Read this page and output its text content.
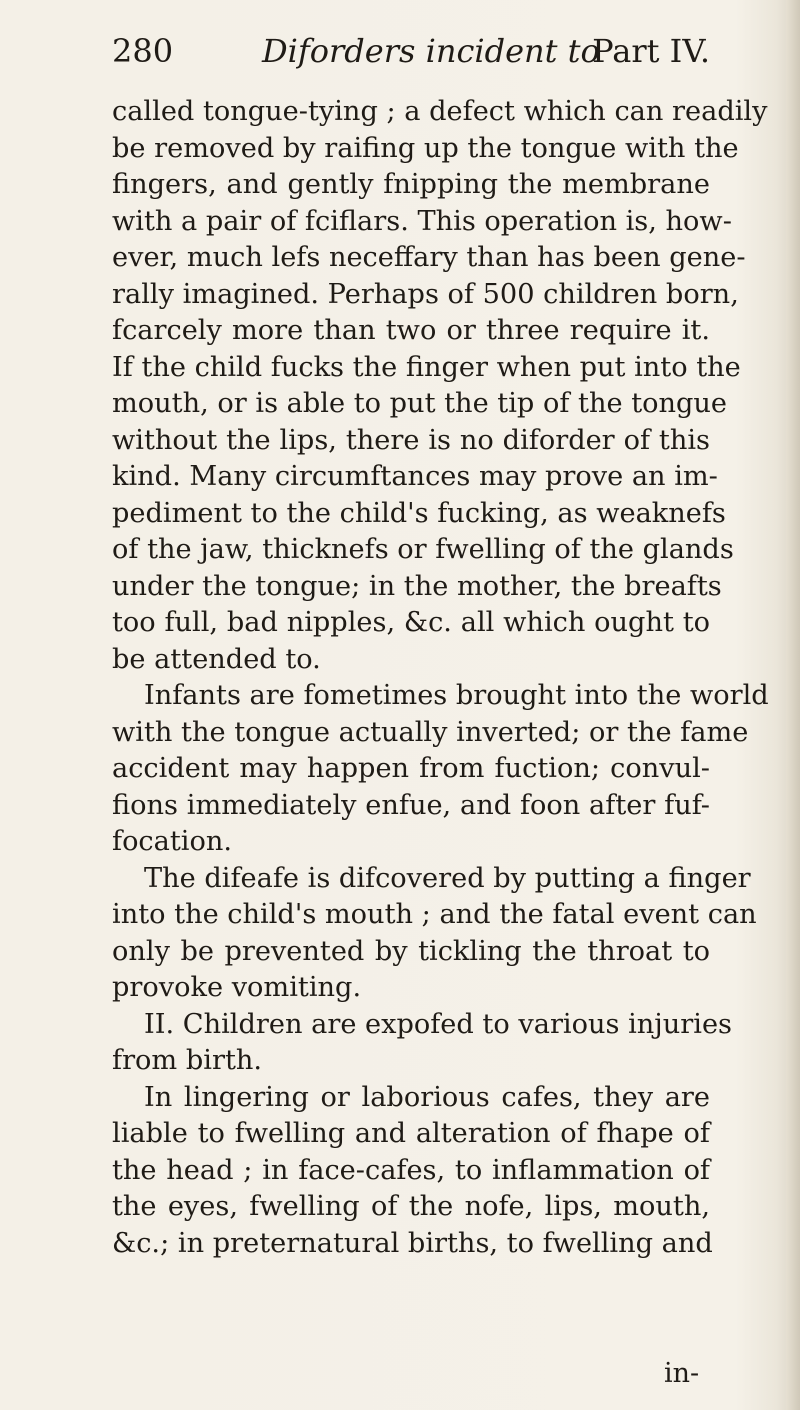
280	Diforders incident to
Part IV.
called tongue-tying ; a defect which can readily
be removed by raifing up the tongue with the
fingers, and gently fnipping the membrane
with a pair of fciflars. This operation is, how-
ever, much lefs neceffary than has been gene-
rally imagined. Perhaps of 500 children born,
fcarcely more than two or three require it.
If the child fucks the finger when put into the
mouth, or is able to put the tip of the tongue
without the lips, there is no diforder of this
kind. Many circumftances may prove an im-
pediment to the child's fucking, as weaknefs
of the jaw, thicknefs or fwelling of the glands
under the tongue; in the mother, the breafts
too full, bad nipples, &c. all which ought to
be attended to.
Infants are fometimes brought into the world
with the tongue actually inverted; or the fame
accident may happen from fuction; convul-
fions immediately enfue, and foon after fuf-
focation.
The difeafe is difcovered by putting a finger
into the child's mouth ; and the fatal event can
only be prevented by tickling the throat to
provoke vomiting.
II. Children are expofed to various injuries
from birth.
In lingering or laborious cafes, they are
liable to fwelling and alteration of fhape of
the head ; in face-cafes, to inflammation of
the eyes, fwelling of the nofe, lips, mouth,
&c.; in preternatural births, to fwelling and
in-
